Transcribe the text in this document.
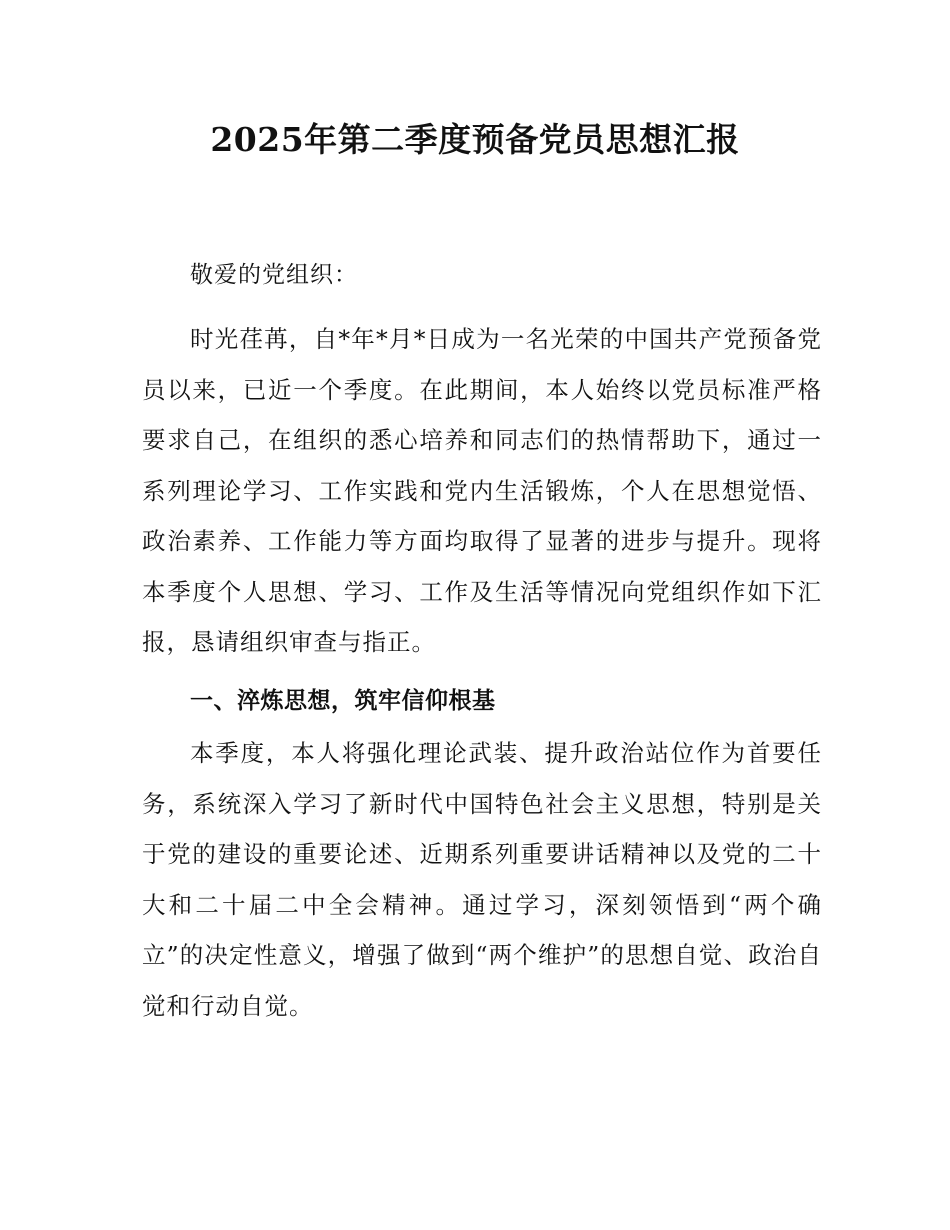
2025年第二季度预备党员思想汇报
敬爱的党组织：

时光荏苒，自*年*月*日成为一名光荣的中国共产党预备党员以来，已近一个季度。在此期间，本人始终以党员标准严格要求自己，在组织的悉心培养和同志们的热情帮助下，通过一系列理论学习、工作实践和党内生活锻炼，个人在思想觉悟、政治素养、工作能力等方面均取得了显著的进步与提升。现将本季度个人思想、学习、工作及生活等情况向党组织作如下汇报，恳请组织审查与指正。

一、淬炼思想，筑牢信仰根基

本季度，本人将强化理论武装、提升政治站位作为首要任务，系统深入学习了新时代中国特色社会主义思想，特别是关于党的建设的重要论述、近期系列重要讲话精神以及党的二十大和二十届二中全会精神。通过学习，深刻领悟到“两个确立”的决定性意义，增强了做到“两个维护”的思想自觉、政治自觉和行动自觉。
